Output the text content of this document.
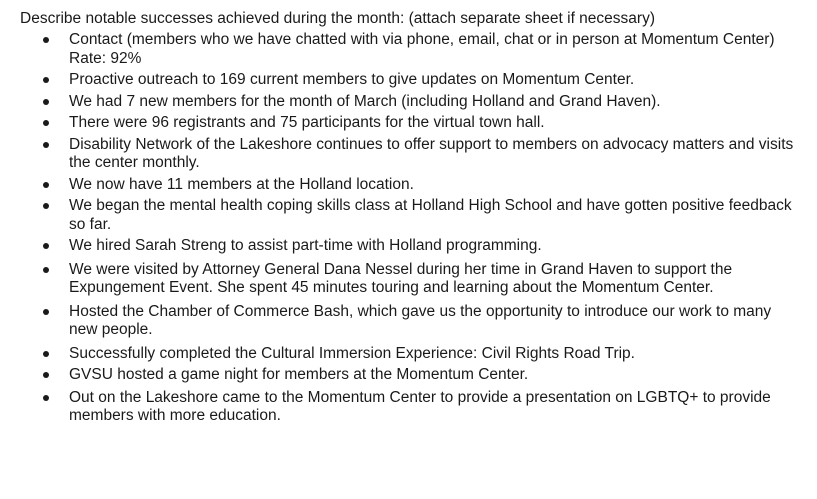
Describe notable successes achieved during the month: (attach separate sheet if necessary)
Contact (members who we have chatted with via phone, email, chat or in person at Momentum Center) Rate: 92%
Proactive outreach to 169 current members to give updates on Momentum Center.
We had 7 new members for the month of March (including Holland and Grand Haven).
There were 96 registrants and 75 participants for the virtual town hall.
Disability Network of the Lakeshore continues to offer support to members on advocacy matters and visits the center monthly.
We now have 11 members at the Holland location.
We began the mental health coping skills class at Holland High School and have gotten positive feedback so far.
We hired Sarah Streng to assist part-time with Holland programming.
We were visited by Attorney General Dana Nessel during her time in Grand Haven to support the Expungement Event. She spent 45 minutes touring and learning about the Momentum Center.
Hosted the Chamber of Commerce Bash, which gave us the opportunity to introduce our work to many new people.
Successfully completed the Cultural Immersion Experience: Civil Rights Road Trip.
GVSU hosted a game night for members at the Momentum Center.
Out on the Lakeshore came to the Momentum Center to provide a presentation on LGBTQ+ to provide members with more education.
